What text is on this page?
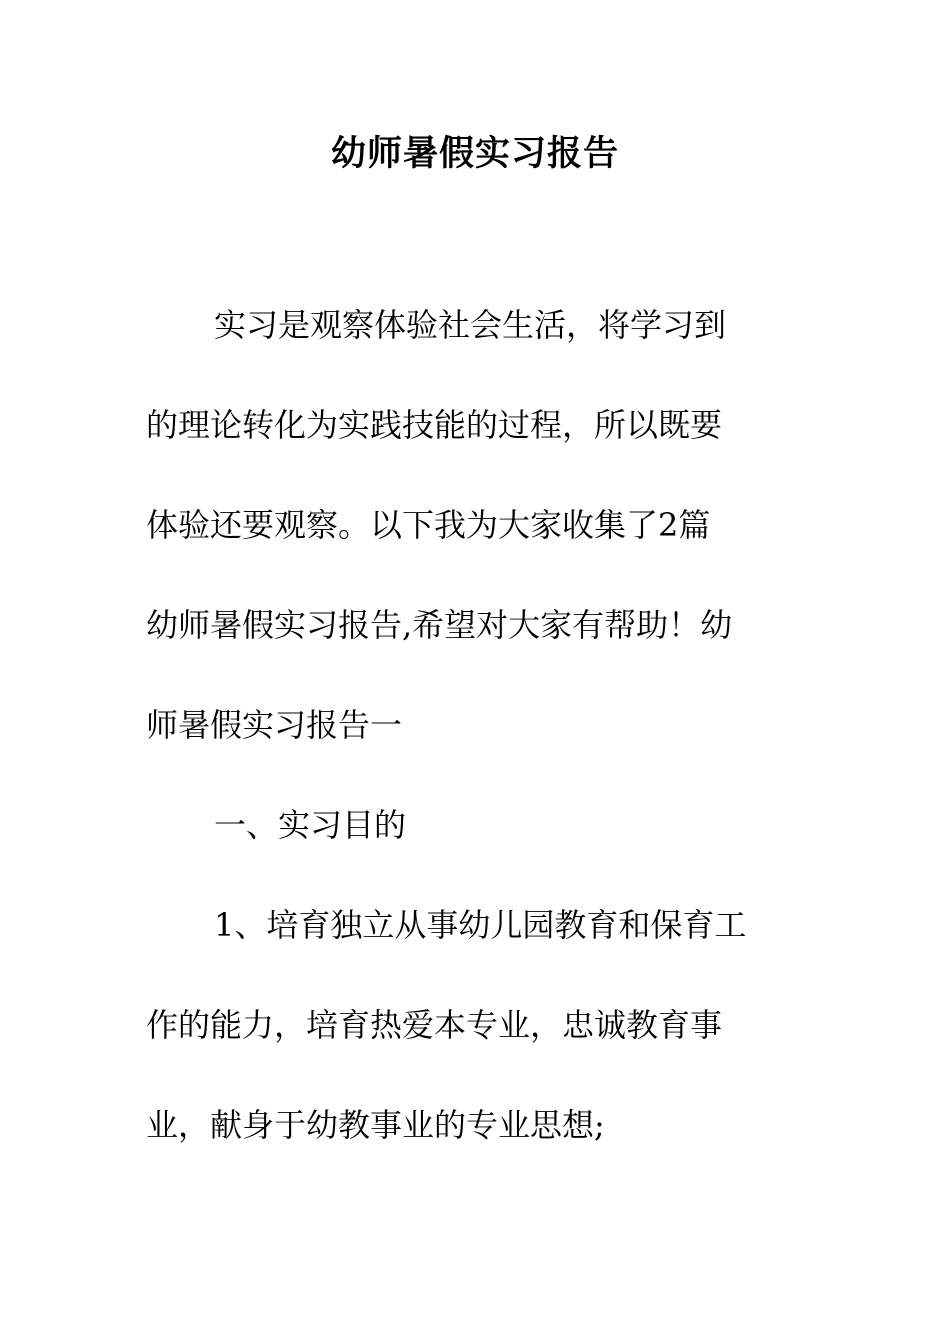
幼师暑假实习报告

实习是观察体验社会生活，将学习到

的理论转化为实践技能的过程，所以既要

体验还要观察。以下我为大家收集了2篇

幼师暑假实习报告,希望对大家有帮助！幼

师暑假实习报告一

一、实习目的

1、培育独立从事幼儿园教育和保育工

作的能力，培育热爱本专业，忠诚教育事

业，献身于幼教事业的专业思想;
